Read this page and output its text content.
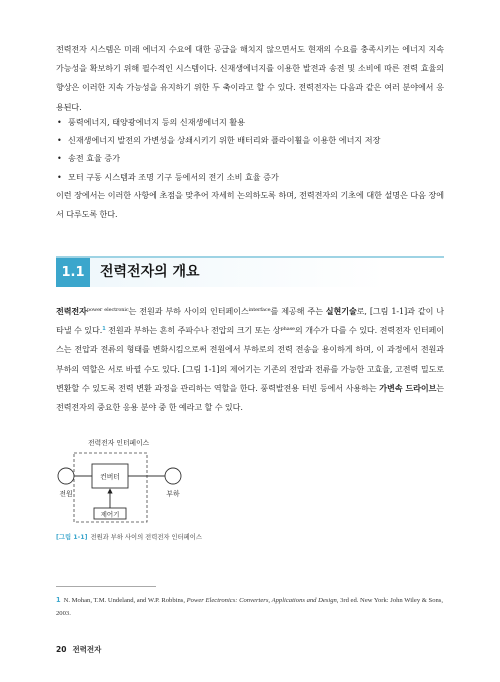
전력전자 시스템은 미래 에너지 수요에 대한 공급을 해치지 않으면서도 현재의 수요를 충족시키는 에너지 지속 가능성을 확보하기 위해 필수적인 시스템이다. 신재생에너지를 이용한 발전과 송전 및 소비에 따른 전력 효율의 향상은 이러한 지속 가능성을 유지하기 위한 두 축이라고 할 수 있다. 전력전자는 다음과 같은 여러 분야에서 응용된다.

• 풍력에너지, 태양광에너지 등의 신재생에너지 활용
• 신재생에너지 발전의 가변성을 상쇄시키기 위한 배터리와 플라이휠을 이용한 에너지 저장
• 송전 효율 증가
• 모터 구동 시스템과 조명 기구 등에서의 전기 소비 효율 증가

이런 장에서는 이러한 사항에 초점을 맞추어 자세히 논의하도록 하며, 전력전자의 기초에 대한 설명은 다음 장에서 다루도록 한다.

1.1	전력전자의 개요

전력전자$^{power electronic}$는 전원과 부하 사이의 인터페이스$^{interface}$를 제공해 주는 실현기술로, [그림 1-1]과 같이 나타낼 수 있다.$^1$ 전원과 부하는 흔히 주파수나 전압의 크기 또는 상$^{phase}$의 개수가 다를 수 있다. 전력전자 인터페이스는 전압과 전류의 형태를 변화시킴으로써 전원에서 부하로의 전력 전송을 용이하게 하며, 이 과정에서 전원과 부하의 역할은 서로 바뀔 수도 있다. [그림 1-1]의 제어기는 기존의 전압과 전류를 가능한 고효율, 고전력 밀도로 변환할 수 있도록 전력 변환 과정을 관리하는 역할을 한다. 풍력발전용 터빈 등에서 사용하는 가변속 드라이브는 전력전자의 중요한 응용 분야 중 한 예라고 할 수 있다.

전력전자 인터페이스
컨버터
제어기
전원	부하
[그림 1-1] 전원과 부하 사이의 전력전자 인터페이스

1 N. Mohan, T.M. Undeland, and W.P. Robbins, Power Electronics: Converters, Applications and Design, 3rd ed. New York: John Wiley & Sons, 2003.

20 전력전자
